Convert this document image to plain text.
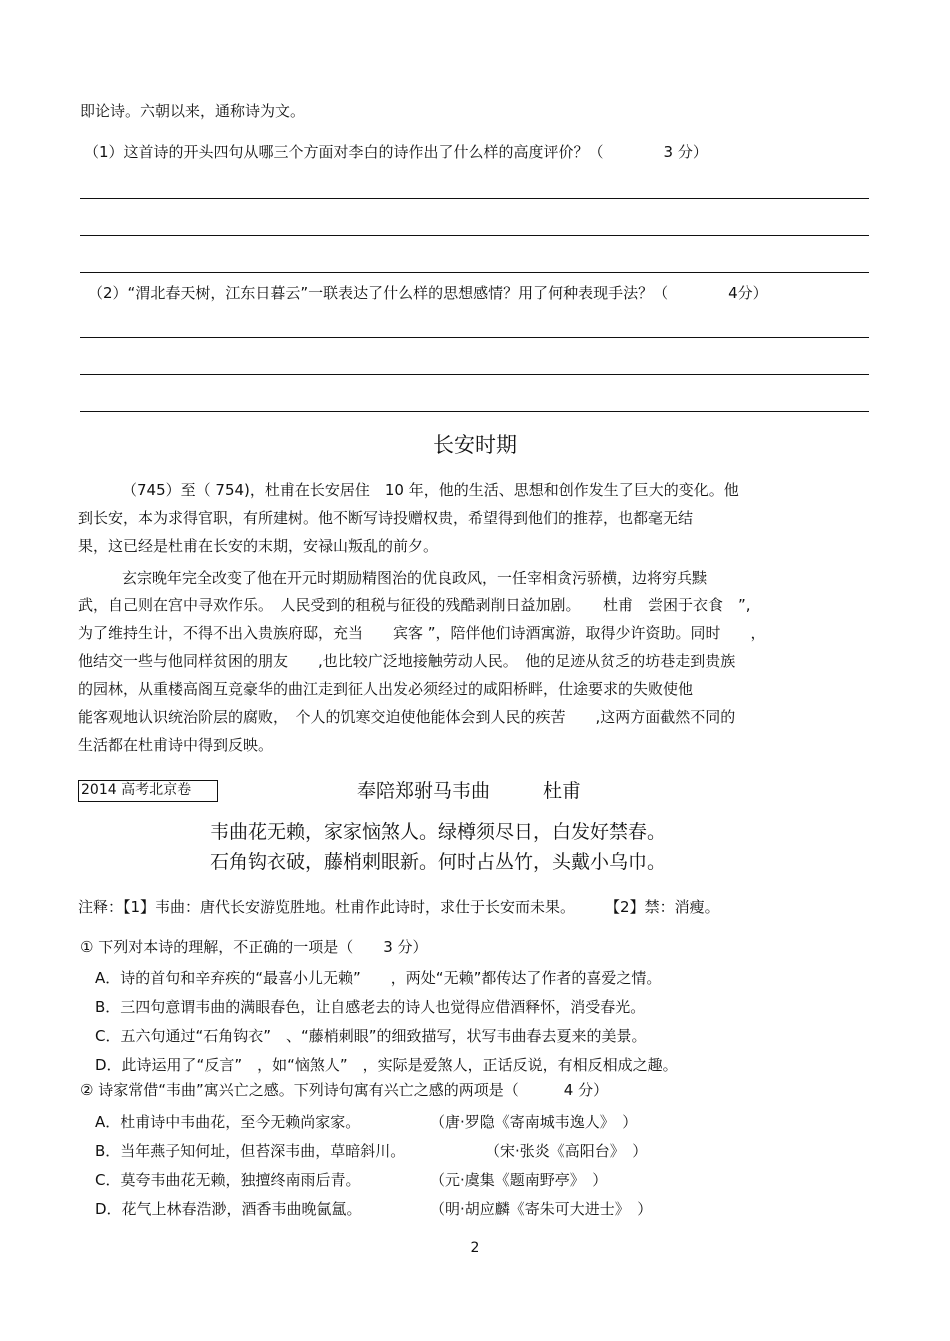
即论诗。六朝以来，通称诗为文。
（1）这首诗的开头四句从哪三个方面对李白的诗作出了什么样的高度评价？（　　　　3 分）
（2）“渭北春天树，江东日暮云”一联表达了什么样的思想感情？用了何种表现手法？（　　　　4分）
长安时期
（745）至（ 754)，杜甫在长安居住　10 年，他的生活、思想和创作发生了巨大的变化。他
到长安，本为求得官职，有所建树。他不断写诗投赠权贵，希望得到他们的推荐，也都毫无结
果，这已经是杜甫在长安的末期，安禄山叛乱的前夕。
玄宗晚年完全改变了他在开元时期励精图治的优良政风，一任宰相贪污骄横，边将穷兵黩
武，自己则在宫中寻欢作乐。　人民受到的租税与征役的残酷剥削日益加剧。　　杜甫　尝困于衣食　”,
为了维持生计，不得不出入贵族府邸，充当　　宾客 ”，陪伴他们诗酒寓游，取得少许资助。同时　　，
他结交一些与他同样贫困的朋友　　,也比较广泛地接触劳动人民。　他的足迹从贫乏的坊巷走到贵族
的园林，从重楼高阁互竞豪华的曲江走到征人出发必须经过的咸阳桥畔，仕途要求的失败使他
能客观地认识统治阶层的腐败，　个人的饥寒交迫使他能体会到人民的疾苦　　,这两方面截然不同的
生活都在杜甫诗中得到反映。
2014 高考北京卷	奉陪郑驸马韦曲	杜甫
韦曲花无赖，家家恼煞人。绿樽须尽日，白发好禁春。
石角钩衣破，藤梢刺眼新。何时占丛竹，头戴小乌巾。
注释：【1】韦曲：唐代长安游览胜地。杜甫作此诗时，求仕于长安而未果。　　　【2】禁：消瘦。
① 下列对本诗的理解，不正确的一项是（　　3 分）
A．诗的首句和辛弃疾的“最喜小儿无赖”　　，两处“无赖”都传达了作者的喜爱之情。
B．三四句意谓韦曲的满眼春色，让自感老去的诗人也觉得应借酒释怀，消受春光。
C．五六句通过“石角钩衣”　、“藤梢刺眼”的细致描写，状写韦曲春去夏来的美景。
D．此诗运用了“反言”　，如“恼煞人”　，实际是爱煞人，正话反说，有相反相成之趣。
② 诗家常借“韦曲”寓兴亡之感。下列诗句寓有兴亡之感的两项是（　　　4 分）
A．杜甫诗中韦曲花，至今无赖尚家家。	（唐·罗隐《寄南城韦逸人》　）
B．当年燕子知何址，但苔深韦曲，草暗斜川。	（宋·张炎《高阳台》　）
C．莫夸韦曲花无赖，独擅终南雨后青。	（元·虞集《题南野亭》　）
D．花气上林春浩渺，酒香韦曲晚氤氲。	（明·胡应麟《寄朱可大进士》　）
2
